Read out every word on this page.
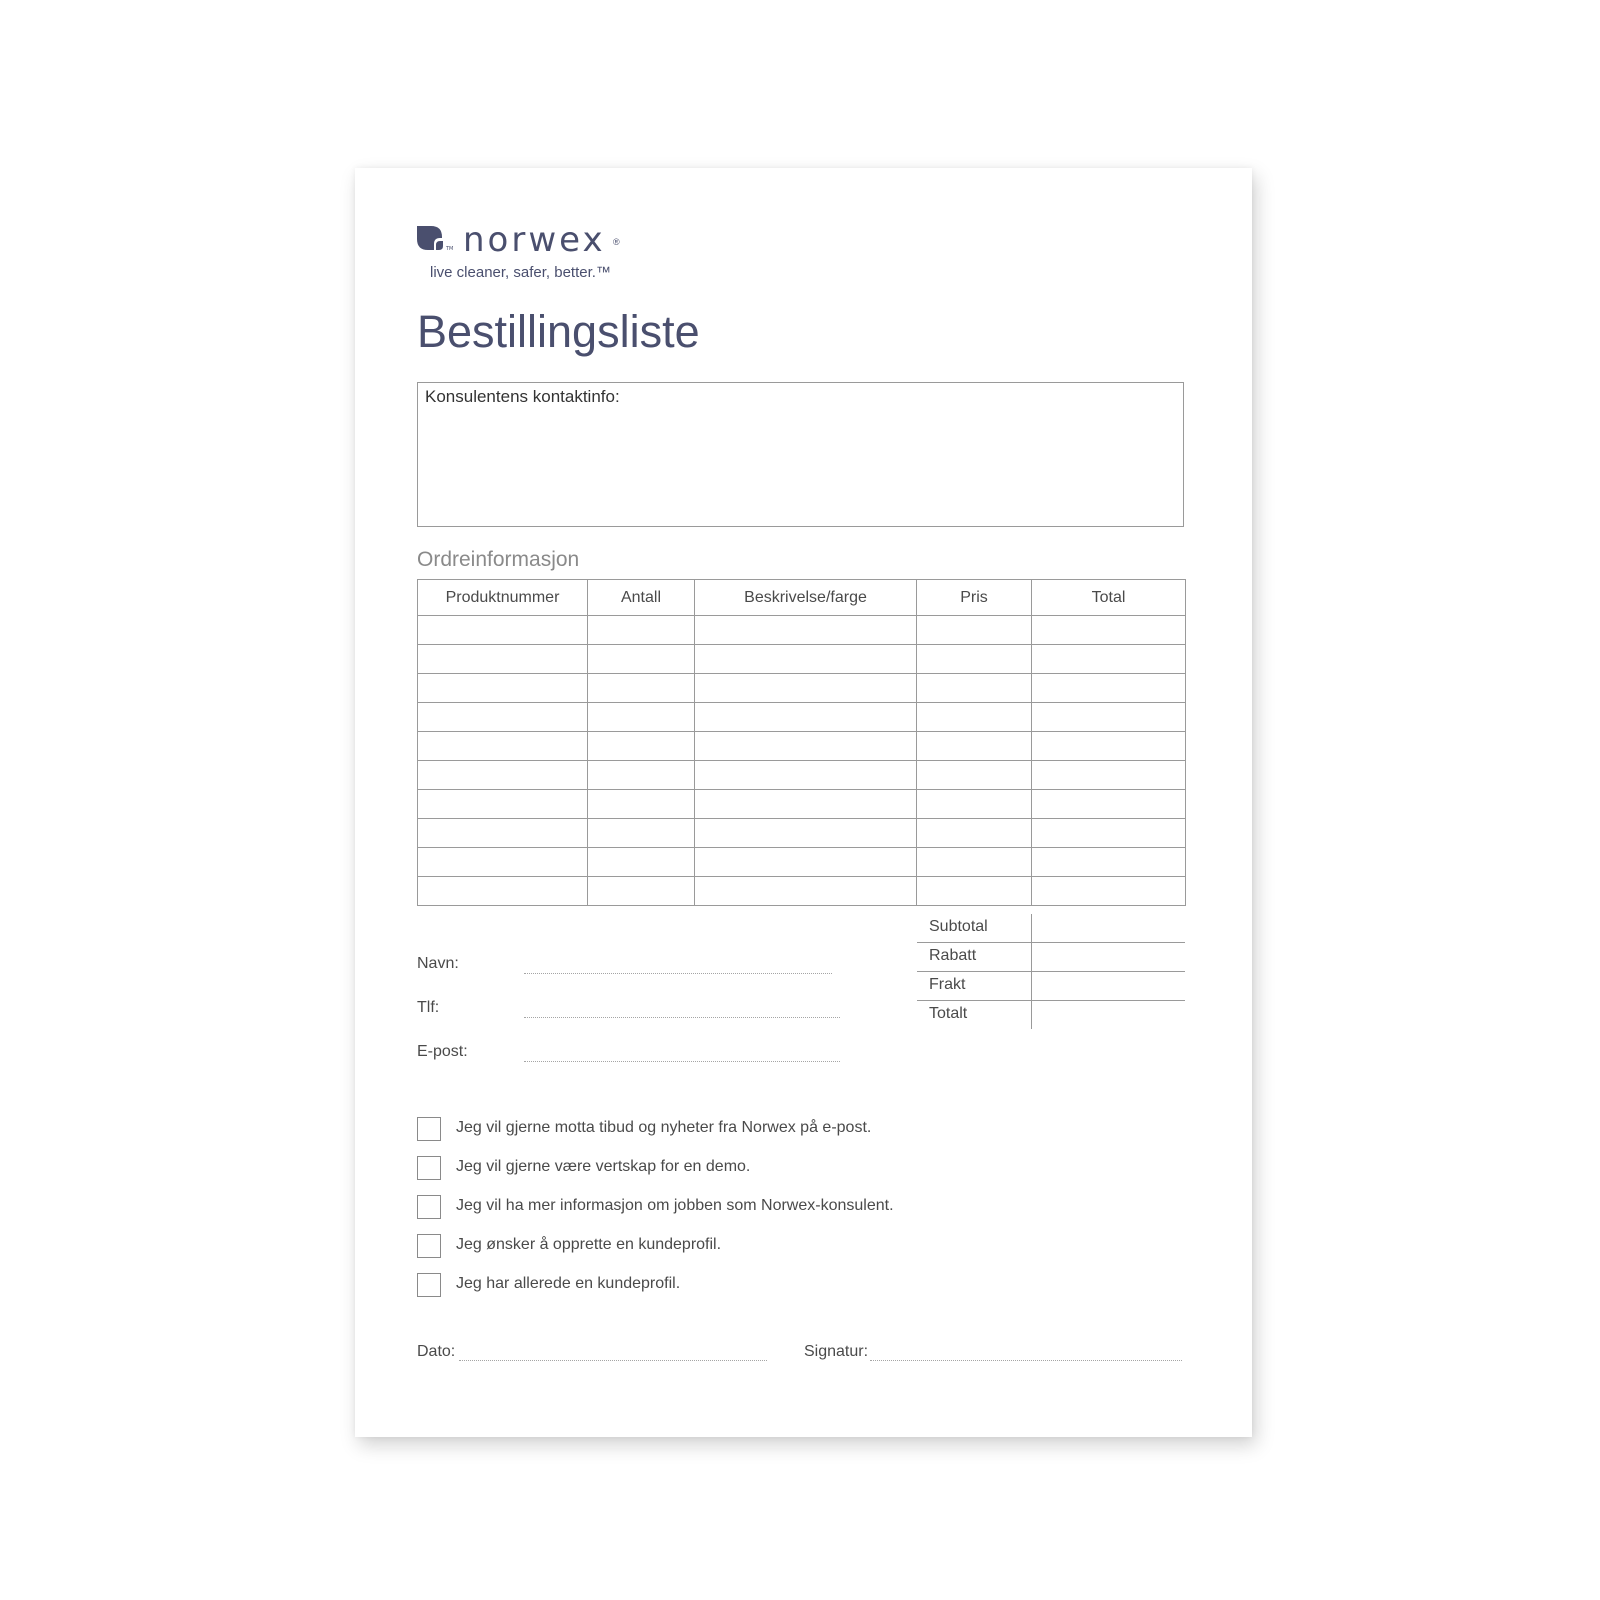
TM norwex ®
live cleaner, safer, better.™
Bestillingsliste
Konsulentens kontaktinfo:
Ordreinformasjon
Produktnummer	Antall	Beskrivelse/farge	Pris	Total

Subtotal
Rabatt
Frakt
Totalt
Navn:
Tlf:
E-post:
Jeg vil gjerne motta tibud og nyheter fra Norwex på e-post.
Jeg vil gjerne være vertskap for en demo.
Jeg vil ha mer informasjon om jobben som Norwex-konsulent.
Jeg ønsker å opprette en kundeprofil.
Jeg har allerede en kundeprofil.
Dato:	Signatur:
